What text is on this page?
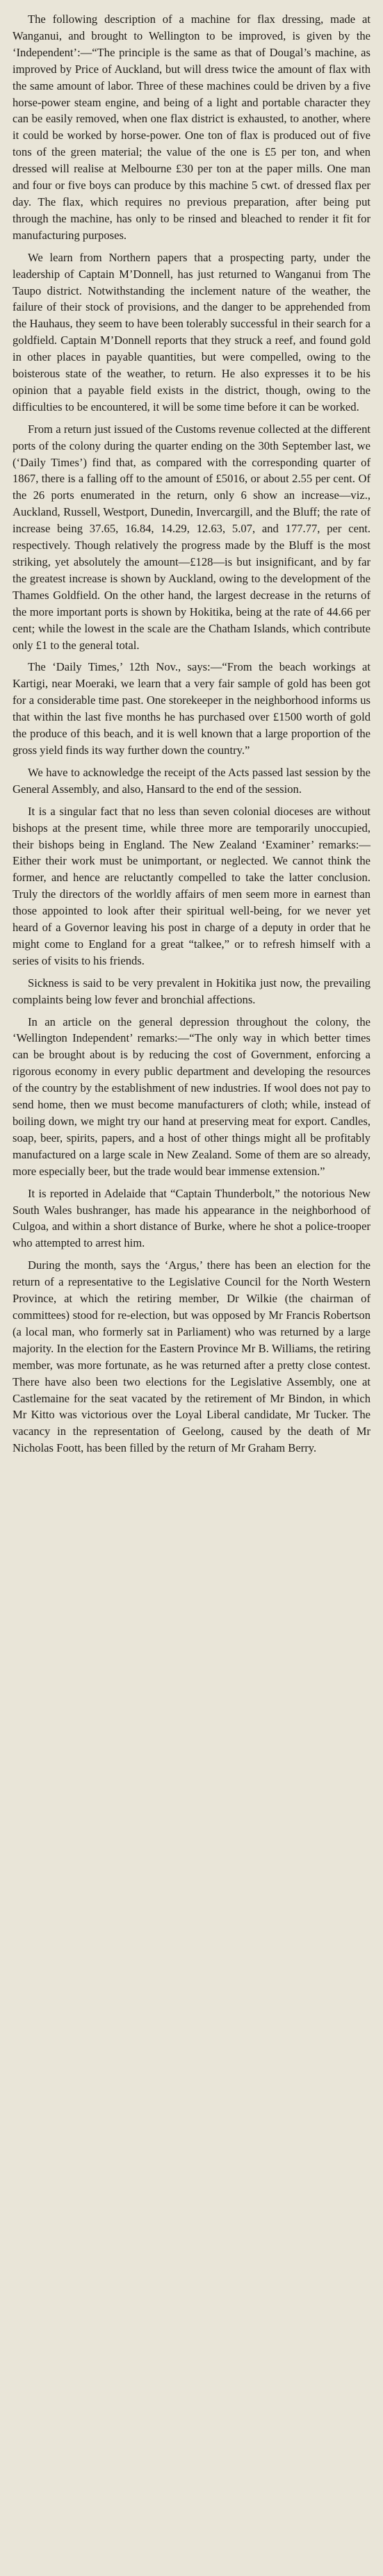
The following description of a machine for flax dressing, made at Wanganui, and brought to Wellington to be improved, is given by the ‘Independent’:—“The principle is the same as that of Dougal’s machine, as improved by Price of Auckland, but will dress twice the amount of flax with the same amount of labor. Three of these machines could be driven by a five horse-power steam engine, and being of a light and portable character they can be easily removed, when one flax district is exhausted, to another, where it could be worked by horse-power. One ton of flax is produced out of five tons of the green material; the value of the one is £5 per ton, and when dressed will realise at Melbourne £30 per ton at the paper mills. One man and four or five boys can produce by this machine 5 cwt. of dressed flax per day. The flax, which requires no previous preparation, after being put through the machine, has only to be rinsed and bleached to render it fit for manufacturing purposes.

We learn from Northern papers that a prospecting party, under the leadership of Captain M’Donnell, has just returned to Wanganui from The Taupo district. Notwithstanding the inclement nature of the weather, the failure of their stock of provisions, and the danger to be apprehended from the Hauhaus, they seem to have been tolerably successful in their search for a goldfield. Captain M’Donnell reports that they struck a reef, and found gold in other places in payable quantities, but were compelled, owing to the boisterous state of the weather, to return. He also expresses it to be his opinion that a payable field exists in the district, though, owing to the difficulties to be encountered, it will be some time before it can be worked.

From a return just issued of the Customs revenue collected at the different ports of the colony during the quarter ending on the 30th September last, we (‘Daily Times’) find that, as compared with the corresponding quarter of 1867, there is a falling off to the amount of £5016, or about 2.55 per cent. Of the 26 ports enumerated in the return, only 6 show an increase—viz., Auckland, Russell, Westport, Dunedin, Invercargill, and the Bluff; the rate of increase being 37.65, 16.84, 14.29, 12.63, 5.07, and 177.77, per cent. respectively. Though relatively the progress made by the Bluff is the most striking, yet absolutely the amount—£128—is but insignificant, and by far the greatest increase is shown by Auckland, owing to the development of the Thames Goldfield. On the other hand, the largest decrease in the returns of the more important ports is shown by Hokitika, being at the rate of 44.66 per cent; while the lowest in the scale are the Chatham Islands, which contribute only £1 to the general total.

The ‘Daily Times,’ 12th Nov., says:—“From the beach workings at Kartigi, near Moeraki, we learn that a very fair sample of gold has been got for a considerable time past. One storekeeper in the neighborhood informs us that within the last five months he has purchased over £1500 worth of gold the produce of this beach, and it is well known that a large proportion of the gross yield finds its way further down the country.”

We have to acknowledge the receipt of the Acts passed last session by the General Assembly, and also, Hansard to the end of the session.

It is a singular fact that no less than seven colonial dioceses are without bishops at the present time, while three more are temporarily unoccupied, their bishops being in England. The New Zealand ‘Examiner’ remarks:—Either their work must be unimportant, or neglected. We cannot think the former, and hence are reluctantly compelled to take the latter conclusion. Truly the directors of the worldly affairs of men seem more in earnest than those appointed to look after their spiritual well-being, for we never yet heard of a Governor leaving his post in charge of a deputy in order that he might come to England for a great “talkee,” or to refresh himself with a series of visits to his friends.

Sickness is said to be very prevalent in Hokitika just now, the prevailing complaints being low fever and bronchial affections.

In an article on the general depression throughout the colony, the ‘Wellington Independent’ remarks:—“The only way in which better times can be brought about is by reducing the cost of Government, enforcing a rigorous economy in every public department and developing the resources of the country by the establishment of new industries. If wool does not pay to send home, then we must become manufacturers of cloth; while, instead of boiling down, we might try our hand at preserving meat for export. Candles, soap, beer, spirits, papers, and a host of other things might all be profitably manufactured on a large scale in New Zealand. Some of them are so already, more especially beer, but the trade would bear immense extension.”

It is reported in Adelaide that “Captain Thunderbolt,” the notorious New South Wales bushranger, has made his appearance in the neighborhood of Culgoa, and within a short distance of Burke, where he shot a police-trooper who attempted to arrest him.

During the month, says the ‘Argus,’ there has been an election for the return of a representative to the Legislative Council for the North Western Province, at which the retiring member, Dr Wilkie (the chairman of committees) stood for re-election, but was opposed by Mr Francis Robertson (a local man, who formerly sat in Parliament) who was returned by a large majority. In the election for the Eastern Province Mr B. Williams, the retiring member, was more fortunate, as he was returned after a pretty close contest. There have also been two elections for the Legislative Assembly, one at Castlemaine for the seat vacated by the retirement of Mr Bindon, in which Mr Kitto was victorious over the Loyal Liberal candidate, Mr Tucker. The vacancy in the representation of Geelong, caused by the death of Mr Nicholas Foott, has been filled by the return of Mr Graham Berry.
